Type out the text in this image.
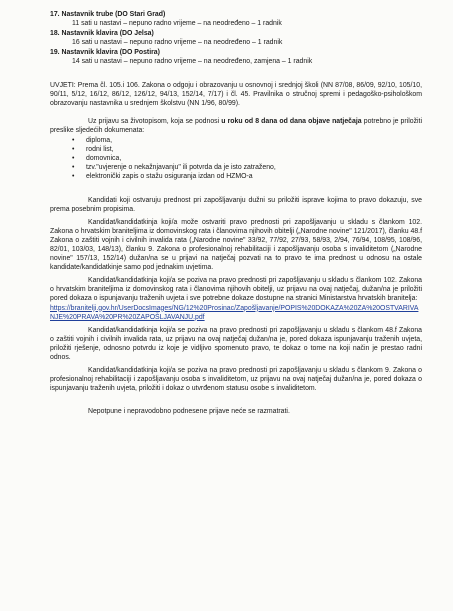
17. Nastavnik trube (DO Stari Grad)

11 sati u nastavi – nepuno radno vrijeme – na neodređeno – 1 radnik

18. Nastavnik klavira (DO Jelsa)

16 sati u nastavi – nepuno radno vrijeme – na neodređeno – 1 radnik

19. Nastavnik klavira (DO Postira)

14 sati u nastavi – nepuno radno vrijeme – na neodređeno, zamjena – 1 radnik

UVJETI: Prema čl. 105.i 106. Zakona o odgoju i obrazovanju u osnovnoj i srednjoj školi (NN 87/08, 86/09, 92/10, 105/10, 90/11, 5/12, 16/12, 86/12, 126/12, 94/13, 152/14, 7/17) i čl. 45. Pravilnika o stručnoj spremi i pedagoško-psihološkom obrazovanju nastavnika u srednjem školstvu (NN 1/96, 80/99).

Uz prijavu sa životopisom, koja se podnosi u roku od 8 dana od dana objave natječaja potrebno je priložiti preslike sljedećih dokumenata:

• diploma,
• rodni list,
• domovnica,
• tzv."uvjerenje o nekažnjavanju" ili potvrda da je isto zatraženo,
• elektronički zapis o stažu osiguranja izdan od HZMO-a

Kandidati koji ostvaruju prednost pri zapošljavanju dužni su priložiti isprave kojima to pravo dokazuju, sve prema posebnim propisima.

Kandidat/kandidatkinja koji/a može ostvariti pravo prednosti pri zapošljavanju u skladu s člankom 102. Zakona o hrvatskim braniteljima iz domovinskog rata i članovima njihovih obitelji („Narodne novine" 121/2017), članku 48.f Zakona o zaštiti vojnih i civilnih invalida rata („Narodne novine" 33/92, 77/92, 27/93, 58/93, 2/94, 76/94, 108/95, 108/96, 82/01, 103/03, 148/13), članku 9. Zakona o profesionalnoj rehabilitaciji i zapošljavanju osoba s invaliditetom („Narodne novine" 157/13, 152/14) dužan/na se u prijavi na natječaj pozvati na to pravo te ima prednost u odnosu na ostale kandidate/kandidatkinje samo pod jednakim uvjetima.

Kandidat/kandidatkinja koji/a se poziva na pravo prednosti pri zapošljavanju u skladu s člankom 102. Zakona o hrvatskim braniteljima iz domovinskog rata i članovima njihovih obitelji, uz prijavu na ovaj natječaj, dužan/na je priložiti pored dokaza o ispunjavanju traženih uvjeta i sve potrebne dokaze dostupne na stranici Ministarstva hrvatskih branitelja:

https://branitelji.gov.hr/UserDocsImages/NG/12%20Prosinac/Zapošljavanje/POPIS%20DOKAZA%20ZA%20OSTVARIVANJE%20PRAVA%20PR%20ZAPOŠLJAVANJU.pdf

Kandidat/kandidatkinja koji/a se poziva na pravo prednosti pri zapošljavanju u skladu s člankom 48.f Zakona o zaštiti vojnih i civilnih invalida rata, uz prijavu na ovaj natječaj dužan/na je, pored dokaza ispunjavanju traženih uvjeta, priložiti rješenje, odnosno potvrdu iz koje je vidljivo spomenuto pravo, te dokaz o tome na koji način je prestao radni odnos.

Kandidat/kandidatkinja koji/a se poziva na pravo prednosti pri zapošljavanju u skladu s člankom 9. Zakona o profesionalnoj rehabilitaciji i zapošljavanju osoba s invaliditetom, uz prijavu na ovaj natječaj dužan/na je, pored dokaza o ispunjavanju traženih uvjeta, priložiti i dokaz o utvrđenom statusu osobe s invaliditetom.

Nepotpune i nepravodobno podnesene prijave neće se razmatrati.
